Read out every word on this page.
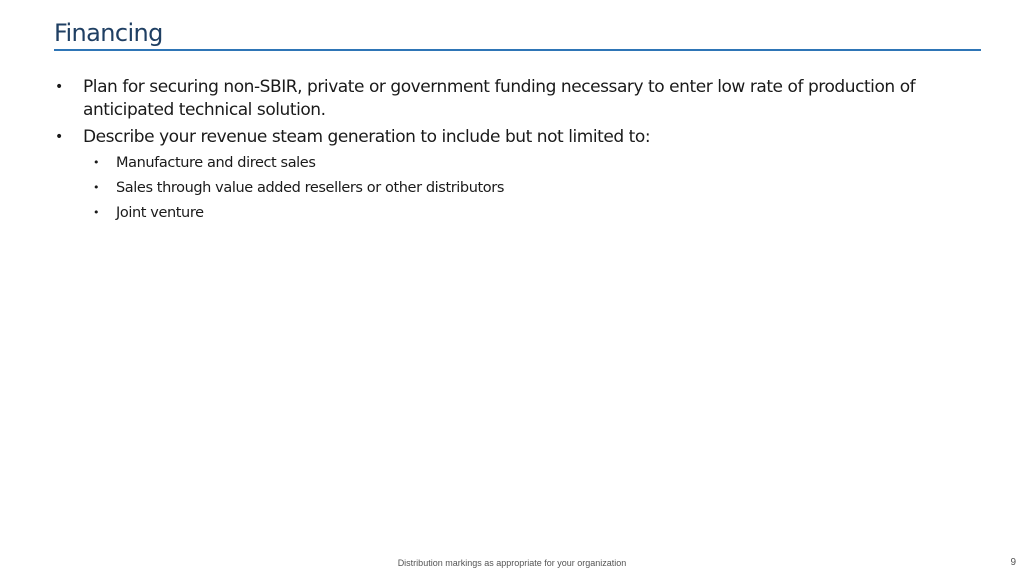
Financing
• Plan for securing non-SBIR, private or government funding necessary to enter low rate of production of anticipated technical solution.
• Describe your revenue steam generation to include but not limited to:
• Manufacture and direct sales
• Sales through value added resellers or other distributors
• Joint venture
Distribution markings as appropriate for your organization	9
